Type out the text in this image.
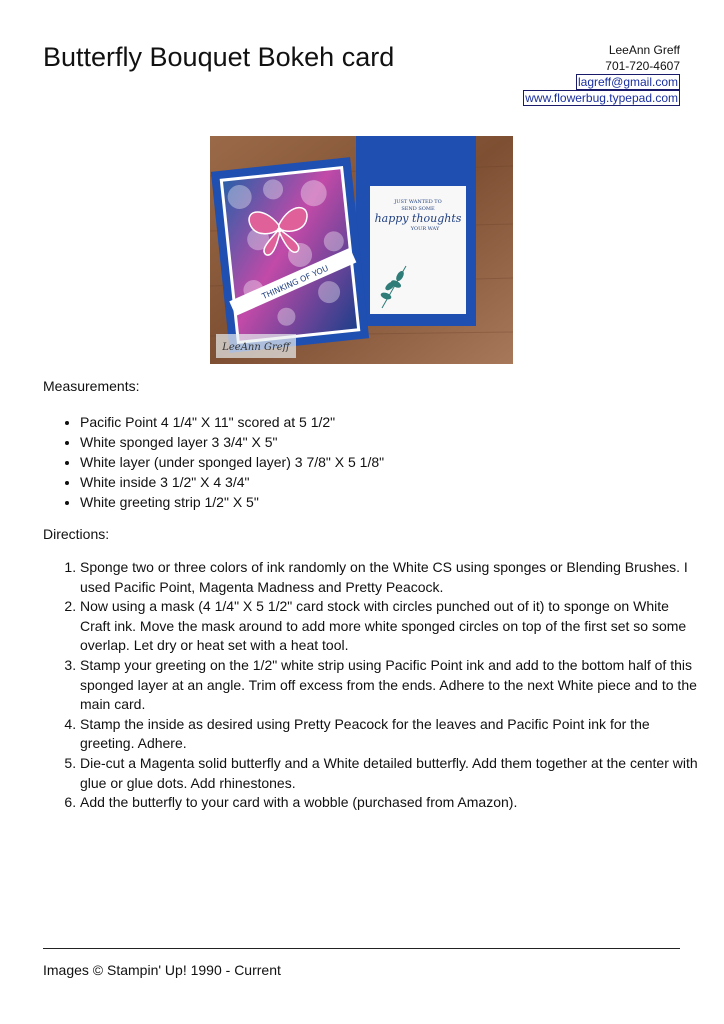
Butterfly Bouquet Bokeh card	LeeAnn Greff
701-720-4607
lagreff@gmail.com
www.flowerbug.typepad.com
JUST WANTED TO
SEND SOME
happy thoughts
YOUR WAY
THINKING OF YOU
LeeAnn Greff
Measurements:
• Pacific Point 4 1/4" X 11" scored at 5 1/2"
• White sponged layer 3 3/4" X 5"
• White layer (under sponged layer) 3 7/8" X 5 1/8"
• White inside 3 1/2" X 4 3/4"
• White greeting strip 1/2" X 5"
Directions:
1. Sponge two or three colors of ink randomly on the White CS using sponges or Blending Brushes. I used Pacific Point, Magenta Madness and Pretty Peacock.
2. Now using a mask (4 1/4" X 5 1/2" card stock with circles punched out of it) to sponge on White Craft ink. Move the mask around to add more white sponged circles on top of the first set so some overlap. Let dry or heat set with a heat tool.
3. Stamp your greeting on the 1/2" white strip using Pacific Point ink and add to the bottom half of this sponged layer at an angle. Trim off excess from the ends. Adhere to the next White piece and to the main card.
4. Stamp the inside as desired using Pretty Peacock for the leaves and Pacific Point ink for the greeting. Adhere.
5. Die-cut a Magenta solid butterfly and a White detailed butterfly. Add them together at the center with glue or glue dots. Add rhinestones.
6. Add the butterfly to your card with a wobble (purchased from Amazon).
Images © Stampin' Up! 1990 - Current
